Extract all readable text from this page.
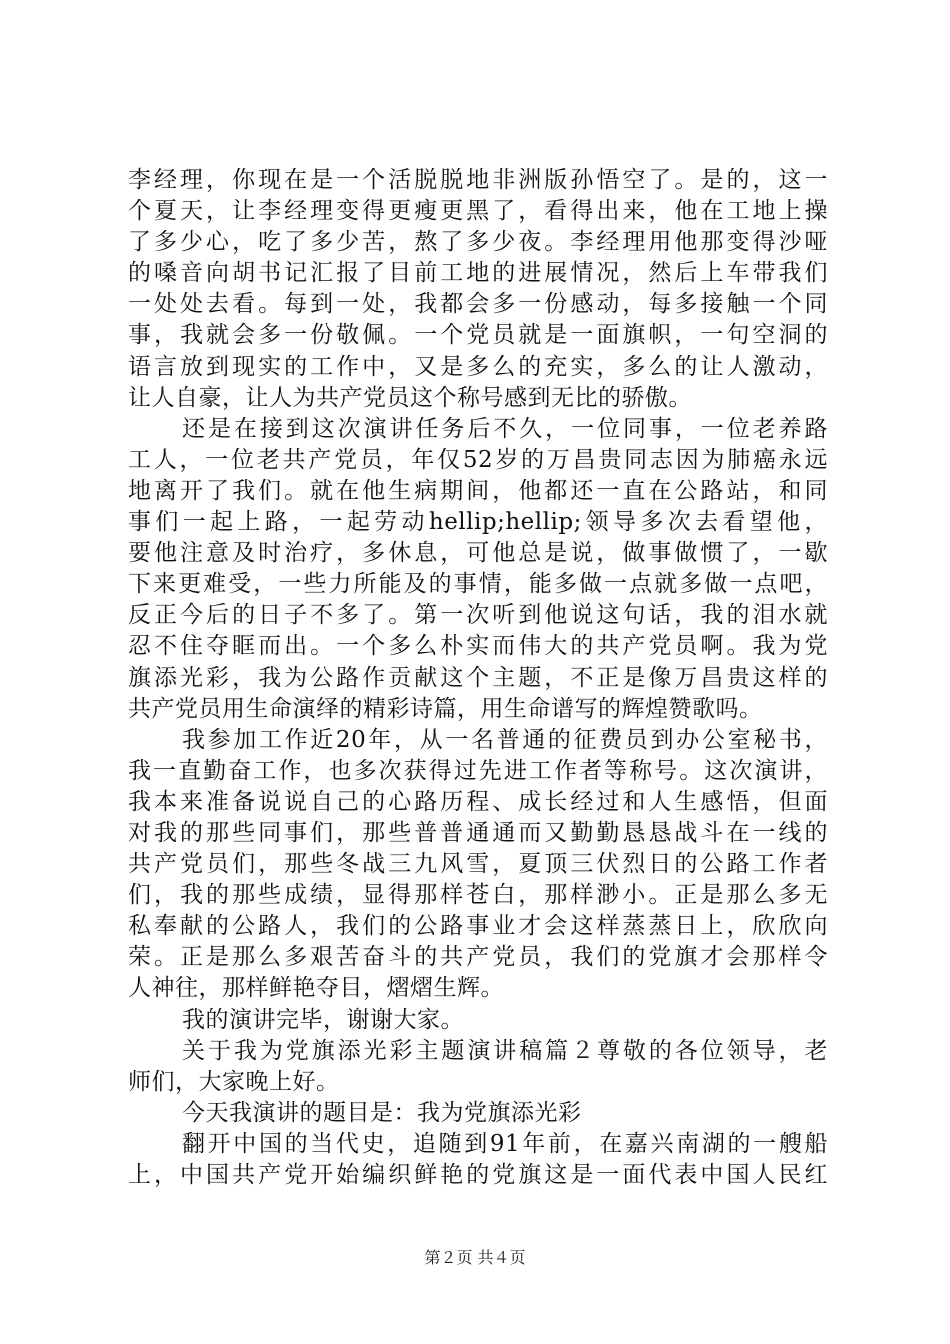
李经理，你现在是一个活脱脱地非洲版孙悟空了。是的，这一
个夏天，让李经理变得更瘦更黑了，看得出来，他在工地上操
了多少心，吃了多少苦，熬了多少夜。李经理用他那变得沙哑
的嗓音向胡书记汇报了目前工地的进展情况，然后上车带我们
一处处去看。每到一处，我都会多一份感动，每多接触一个同
事，我就会多一份敬佩。一个党员就是一面旗帜，一句空洞的
语言放到现实的工作中，又是多么的充实，多么的让人激动，
让人自豪，让人为共产党员这个称号感到无比的骄傲。
还是在接到这次演讲任务后不久，一位同事，一位老养路
工人，一位老共产党员，年仅52岁的万昌贵同志因为肺癌永远
地离开了我们。就在他生病期间，他都还一直在公路站，和同
事们一起上路，一起劳动hellip;hellip;领导多次去看望他，
要他注意及时治疗，多休息，可他总是说，做事做惯了，一歇
下来更难受，一些力所能及的事情，能多做一点就多做一点吧，
反正今后的日子不多了。第一次听到他说这句话，我的泪水就
忍不住夺眶而出。一个多么朴实而伟大的共产党员啊。我为党
旗添光彩，我为公路作贡献这个主题，不正是像万昌贵这样的
共产党员用生命演绎的精彩诗篇，用生命谱写的辉煌赞歌吗。
我参加工作近20年，从一名普通的征费员到办公室秘书，
我一直勤奋工作，也多次获得过先进工作者等称号。这次演讲，
我本来准备说说自己的心路历程、成长经过和人生感悟，但面
对我的那些同事们，那些普普通通而又勤勤恳恳战斗在一线的
共产党员们，那些冬战三九风雪，夏顶三伏烈日的公路工作者
们，我的那些成绩，显得那样苍白，那样渺小。正是那么多无
私奉献的公路人，我们的公路事业才会这样蒸蒸日上，欣欣向
荣。正是那么多艰苦奋斗的共产党员，我们的党旗才会那样令
人神往，那样鲜艳夺目，熠熠生辉。
我的演讲完毕，谢谢大家。
关于我为党旗添光彩主题演讲稿篇２尊敬的各位领导，老
师们，大家晚上好。
今天我演讲的题目是：我为党旗添光彩
翻开中国的当代史，追随到91年前，在嘉兴南湖的一艘船
上，中国共产党开始编织鲜艳的党旗这是一面代表中国人民红
第２页 共４页
